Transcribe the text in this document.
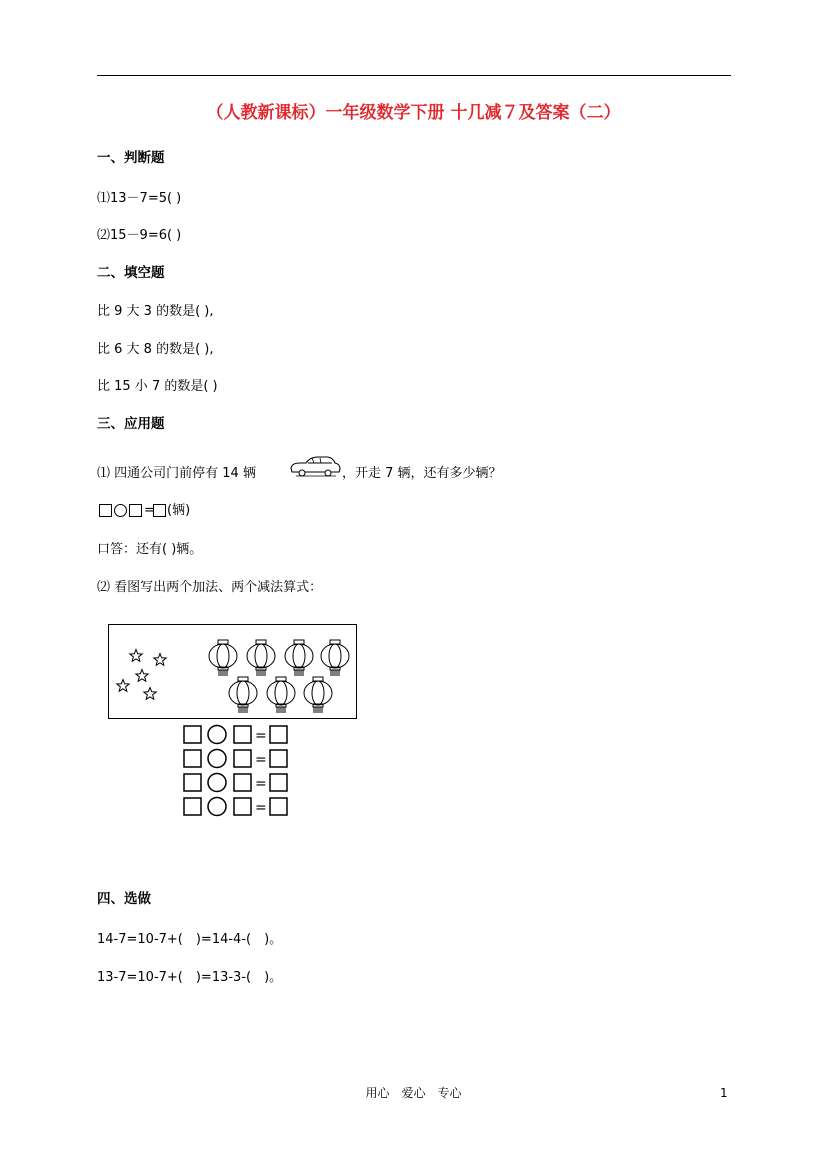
（人教新课标）一年级数学下册 十几减７及答案（二）
一、判断题
⑴13－7=5( )
⑵15－9=6( )
二、填空题
比 9 大 3 的数是( ),
比 6 大 8 的数是( ),
比 15 小 7 的数是( )
三、应用题
⑴ 四通公司门前停有 14 辆	，开走 7 辆，还有多少辆？
= (辆)
口答：还有( )辆。
⑵ 看图写出两个加法、两个减法算式：
=
=
=
=
四、选做
14-7=10-7+(　)=14-4-(　)。
13-7=10-7+(　)=13-3-(　)。
用心　爱心　专心	1
